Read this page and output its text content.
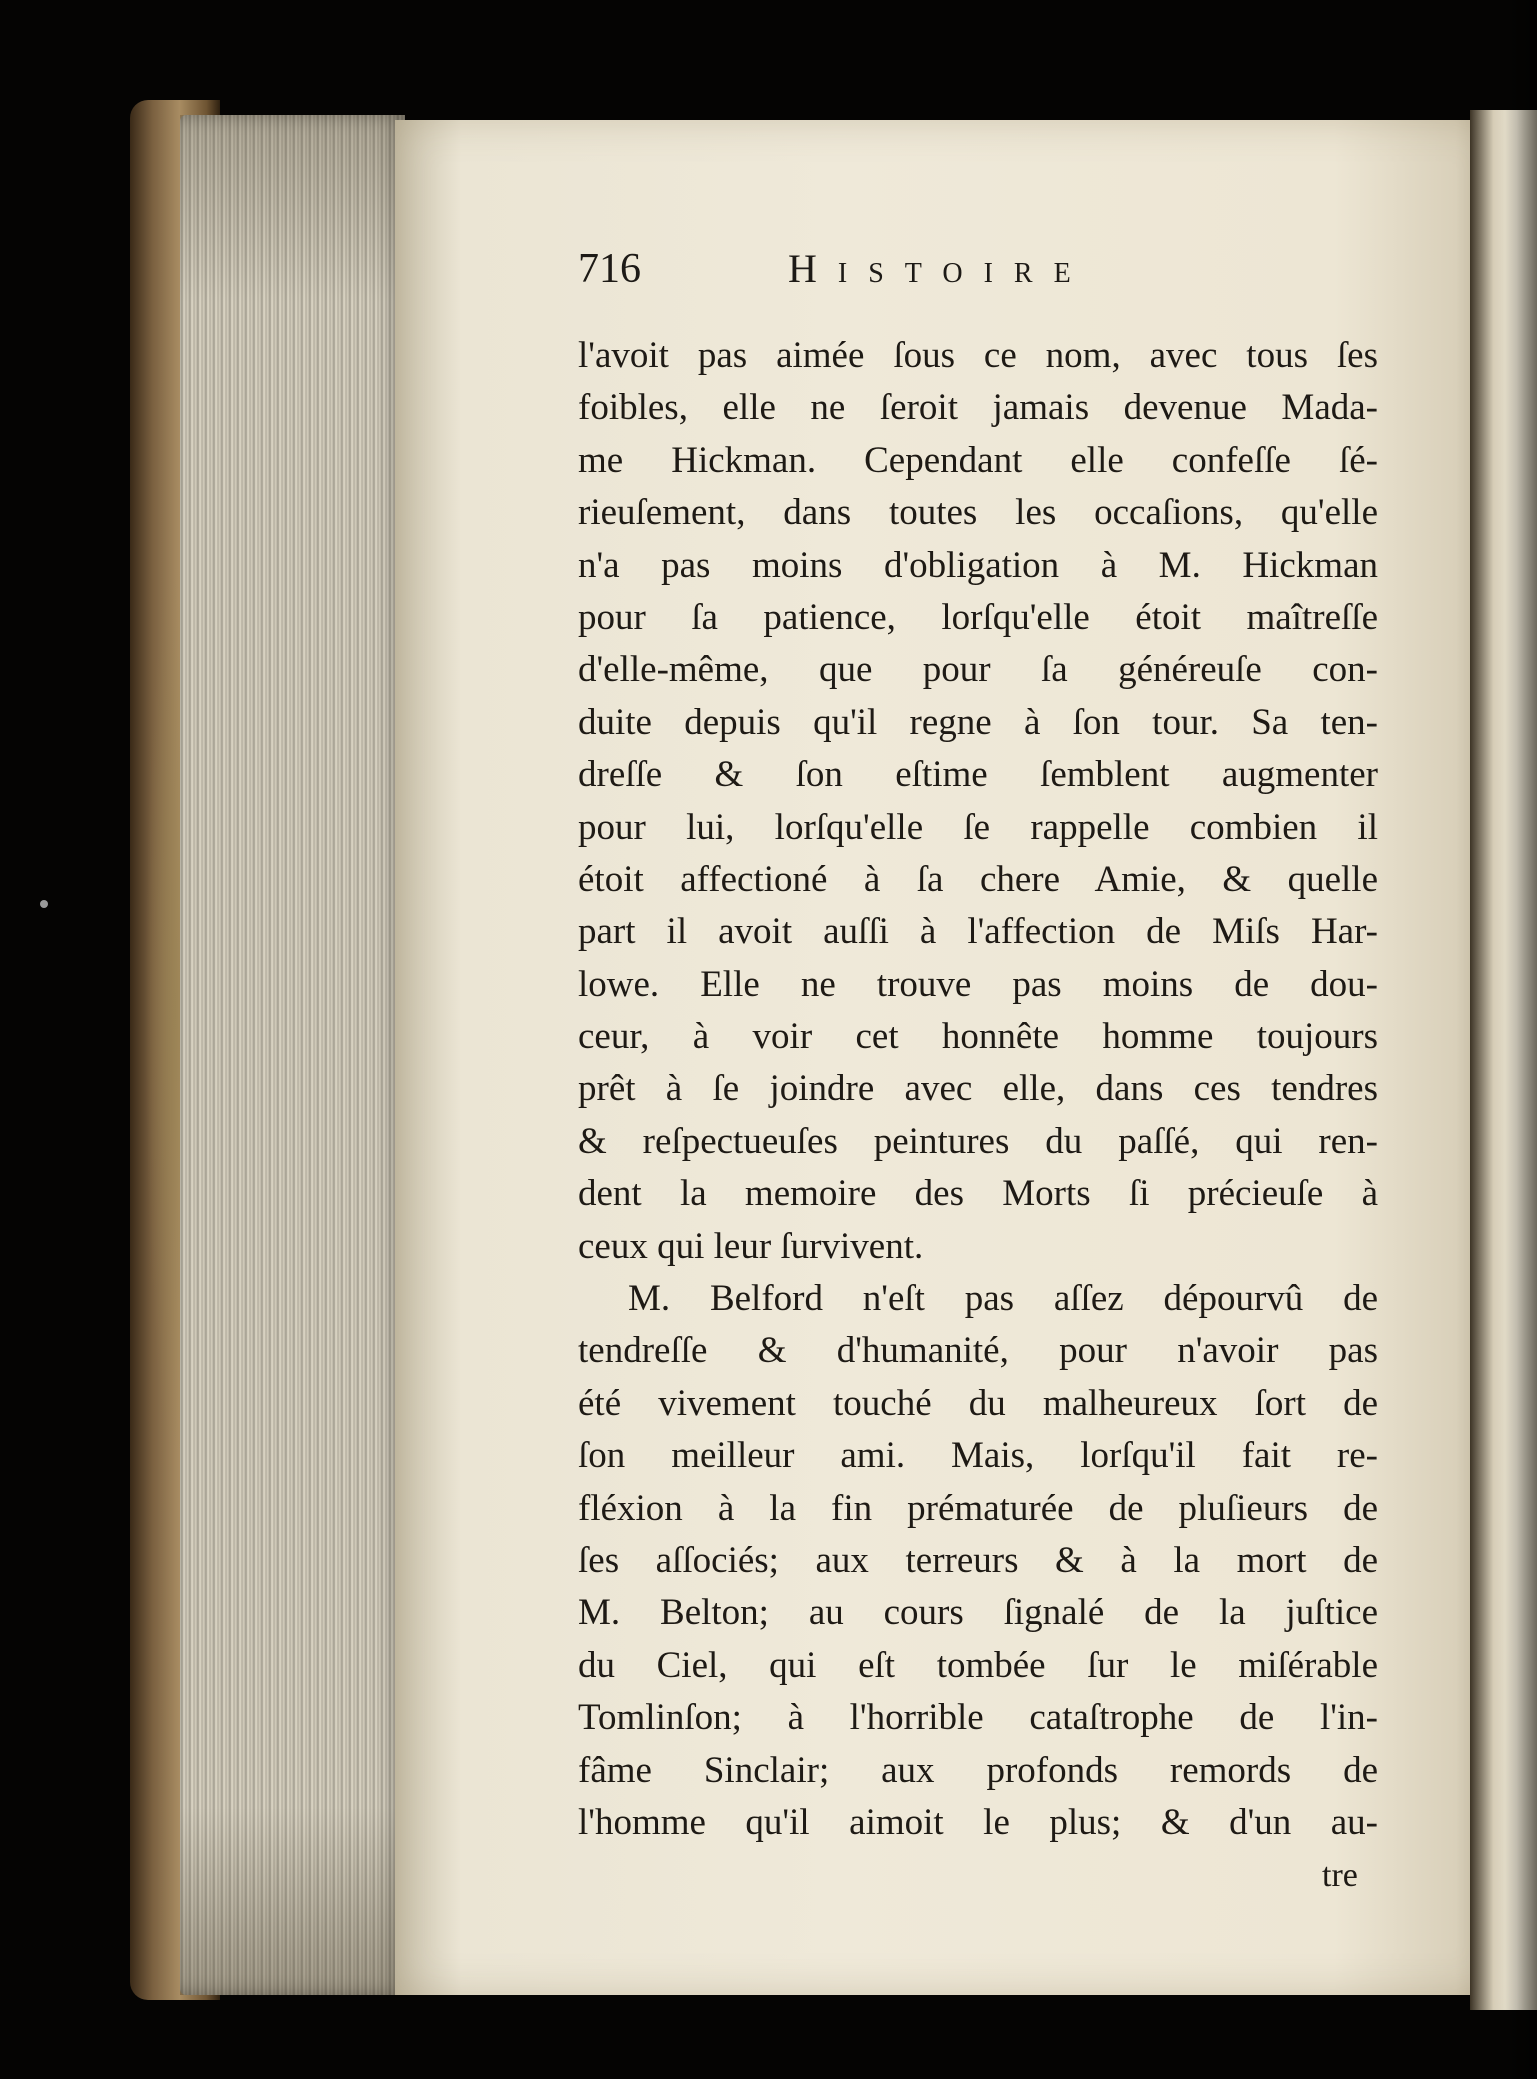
716	Histoire
l'avoit pas aimée ſous ce nom, avec tous ſes
foibles, elle ne ſeroit jamais devenue Mada-
me Hickman. Cependant elle confeſſe ſé-
rieuſement, dans toutes les occaſions, qu'elle
n'a pas moins d'obligation à M. Hickman
pour ſa patience, lorſqu'elle étoit maîtreſſe
d'elle-même, que pour ſa généreuſe con-
duite depuis qu'il regne à ſon tour. Sa ten-
dreſſe & ſon eſtime ſemblent augmenter
pour lui, lorſqu'elle ſe rappelle combien il
étoit affectioné à ſa chere Amie, & quelle
part il avoit auſſi à l'affection de Miſs Har-
lowe. Elle ne trouve pas moins de dou-
ceur, à voir cet honnête homme toujours
prêt à ſe joindre avec elle, dans ces tendres
& reſpectueuſes peintures du paſſé, qui ren-
dent la memoire des Morts ſi précieuſe à
ceux qui leur ſurvivent.
M. Belford n'eſt pas aſſez dépourvû de
tendreſſe & d'humanité, pour n'avoir pas
été vivement touché du malheureux ſort de
ſon meilleur ami. Mais, lorſqu'il fait re-
fléxion à la fin prématurée de pluſieurs de
ſes aſſociés; aux terreurs & à la mort de
M. Belton; au cours ſignalé de la juſtice
du Ciel, qui eſt tombée ſur le miſérable
Tomlinſon; à l'horrible cataſtrophe de l'in-
fâme Sinclair; aux profonds remords de
l'homme qu'il aimoit le plus; & d'un au-
tre
